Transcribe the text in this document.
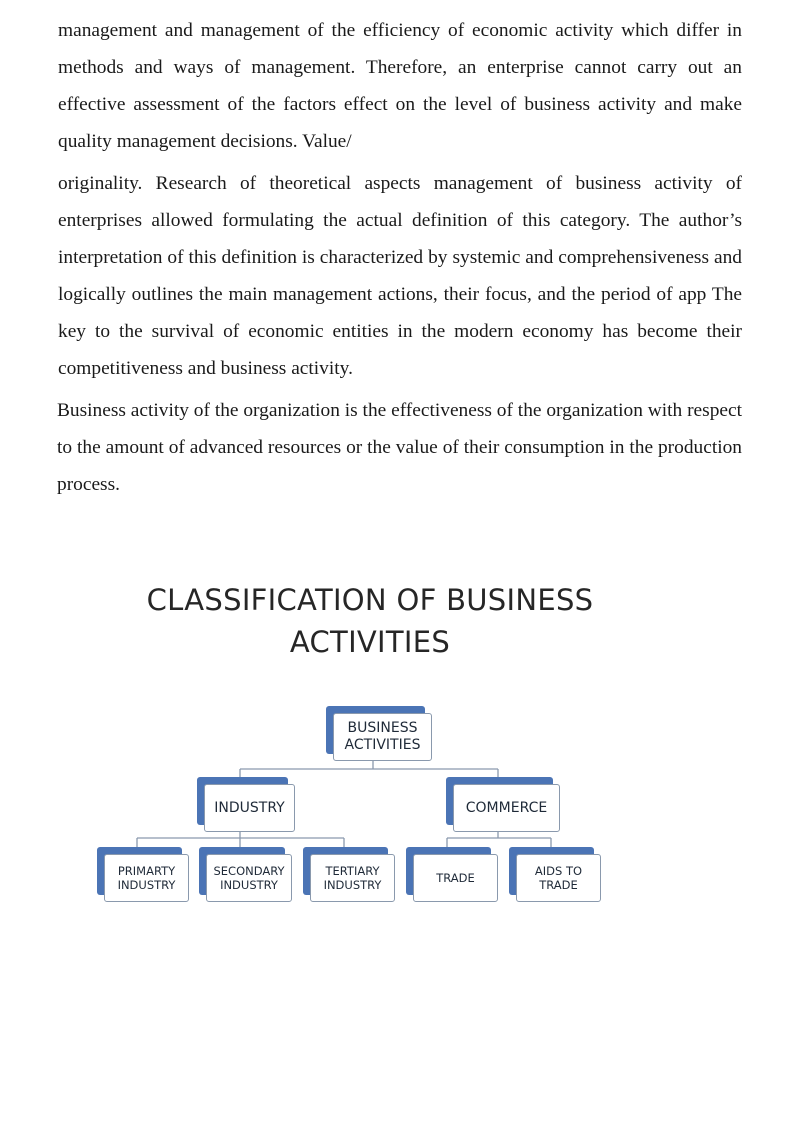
management and management of the efficiency of economic activity which differ in methods and ways of management. Therefore, an enterprise cannot carry out an effective assessment of the factors effect on the level of business activity and make quality management decisions. Value/

originality. Research of theoretical aspects management of business activity of enterprises allowed formulating the actual definition of this category. The author’s interpretation of this definition is characterized by systemic and comprehensiveness and logically outlines the main management actions, their focus, and the period of app The key to the survival of economic entities in the modern economy has become their competitiveness and business activity.

Business activity of the organization is the effectiveness of the organization with respect to the amount of advanced resources or the value of their consumption in the production process.

CLASSIFICATION OF BUSINESS
ACTIVITIES
BUSINESS
ACTIVITIES
INDUSTRY	COMMERCE
PRIMARTY
INDUSTRY
SECONDARY
INDUSTRY
TERTIARY
INDUSTRY	TRADE	AIDS TO
TRADE
